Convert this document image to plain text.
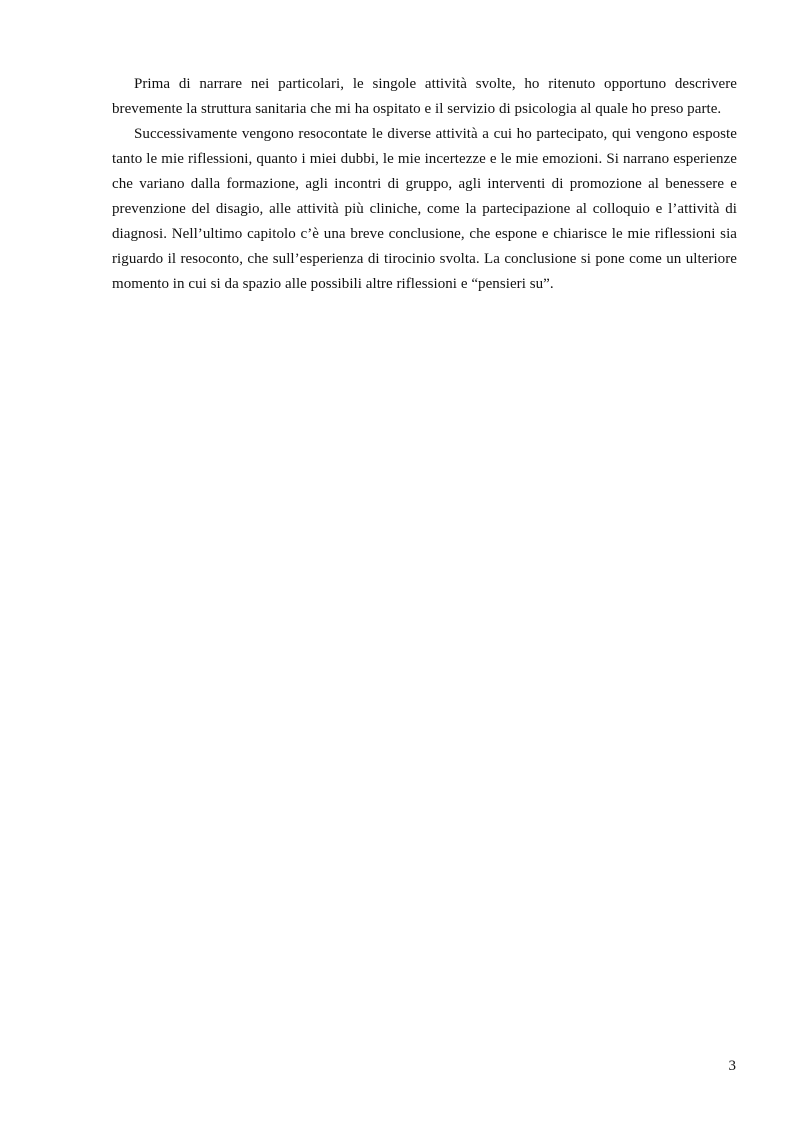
Prima di narrare nei particolari, le singole attività svolte, ho ritenuto opportuno descrivere brevemente la struttura sanitaria che mi ha ospitato e il servizio di psicologia al quale ho preso parte.

Successivamente vengono resocontate le diverse attività a cui ho partecipato, qui vengono esposte tanto le mie riflessioni, quanto i miei dubbi, le mie incertezze e le mie emozioni. Si narrano esperienze che variano dalla formazione, agli incontri di gruppo, agli interventi di promozione al benessere e prevenzione del disagio, alle attività più cliniche, come la partecipazione al colloquio e l’attività di diagnosi. Nell’ultimo capitolo c’è una breve conclusione, che espone e chiarisce le mie riflessioni sia riguardo il resoconto, che sull’esperienza di tirocinio svolta. La conclusione si pone come un ulteriore momento in cui si da spazio alle possibili altre riflessioni e “pensieri su”.

3
